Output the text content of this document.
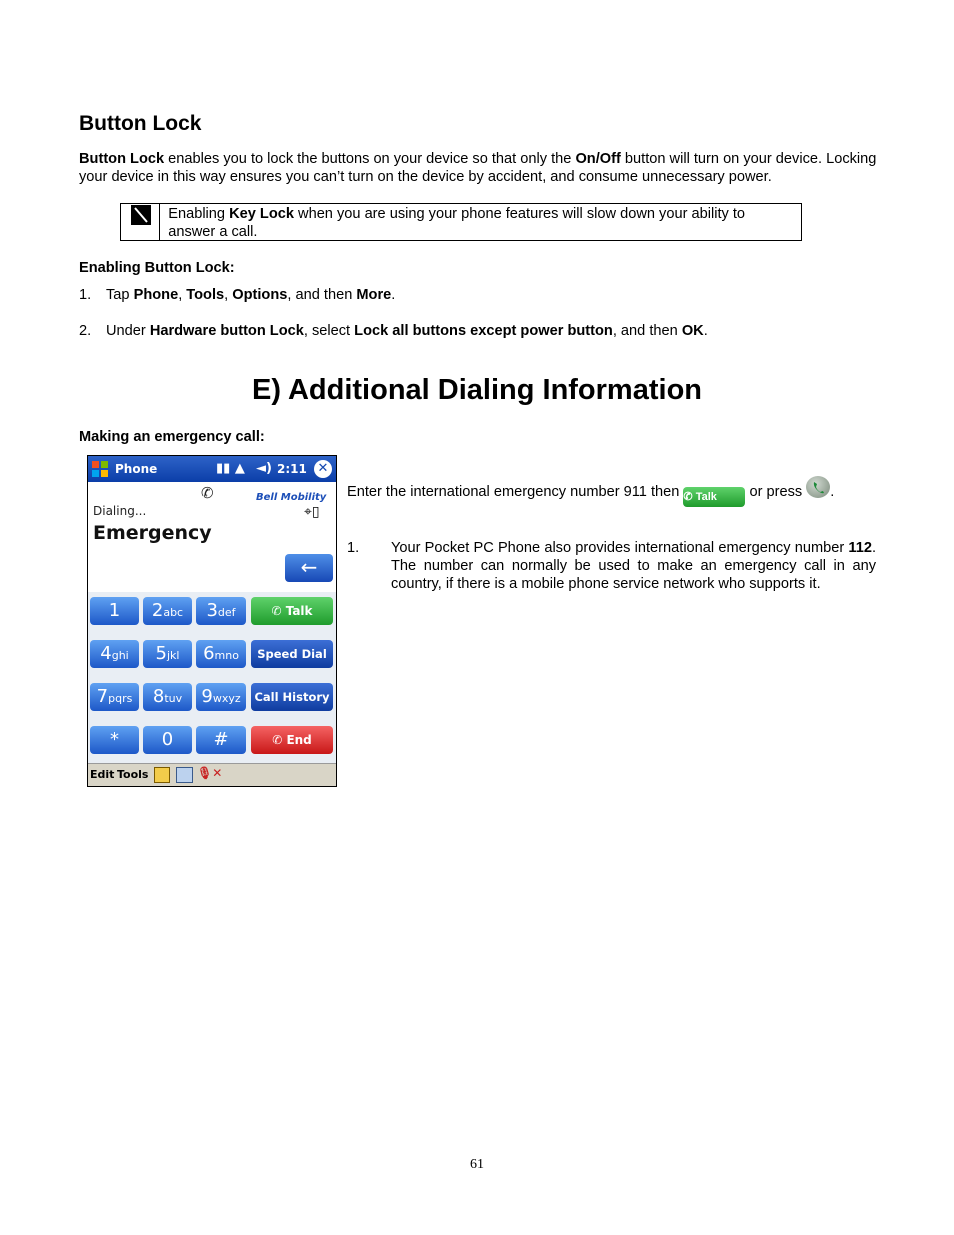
Button Lock

Button Lock enables you to lock the buttons on your device so that only the On/Off button will turn on your device. Locking your device in this way ensures you can’t turn on the device by accident, and consume unnecessary power.

Enabling Key Lock when you are using your phone features will slow down your ability to answer a call.
Enabling Button Lock:
1.	Tap Phone, Tools, Options, and then More.
2.	Under Hardware button Lock, select Lock all buttons except power button, and then OK.
E) Additional Dialing Information
Making an emergency call:
Phone	▮▮ ▲ ◄) 2:11 ✕
✆	Bell Mobility
⌖▯
Dialing...
Emergency
←
1	2abc	3def	✆ Talk
4ghi	5jkl	6mno	Speed Dial
7pqrs	8tuv	9wxyz	Call History
*	0	#	✆ End
Edit Tools	🎙✕
Enter the international emergency number 911 then ✆ Talk or press
.
1.	Your Pocket PC Phone also provides international emergency number 112. The number can normally be used to make an emergency call in any country, if there is a mobile phone service network who supports it.
61
